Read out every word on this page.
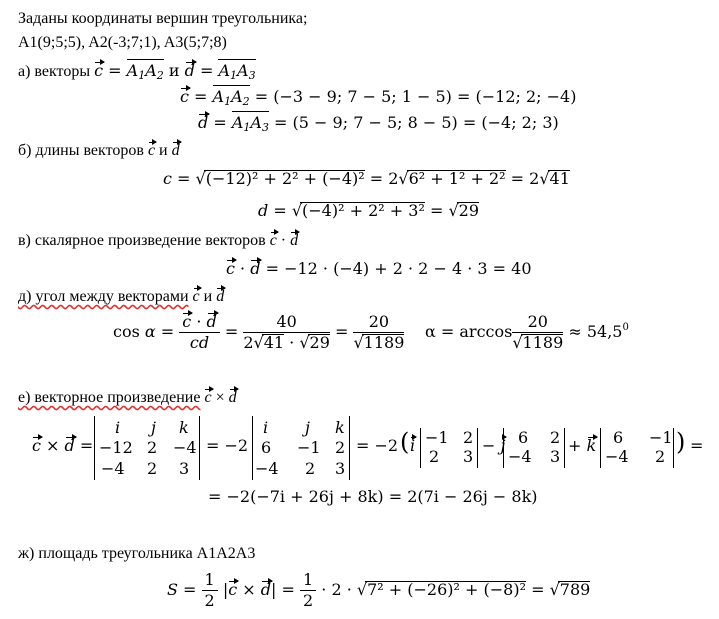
Заданы координаты вершин треугольника;
A1(9;5;5), A2(-3;7;1), A3(5;7;8)
а) векторы $c = A_1A_2$ и $d = A_1A_3$
$c = A_1A_2 = (-3 - 9$; 7 − 5; 1 − 5) = (−12; 2; −4)
$d = A_1A_3 = (5 - 9$; 7 − 5; 8 − 5) = (−4; 2; 3)
б) длины векторов c и d
c = √(−12)² + 2² + (−4)² = 2√6² + 1² + 2² = 2√41
d = √(−4)² + 2² + 3² = √29
в) скалярное произведение векторов c · d
c · d = −12 · (−4) + 2 · 2 − 4 · 3 = 40
д) угол между векторами c и d
$\cos \alpha = \frac{c \cdot d}{cd} = \frac{40}{2√41 \cdot √29} = \frac{20}{√1189}$ $\alpha = \arccos \frac{20}{√1189} \approx 54,5^0$
е) векторное произведение c × d
c × d =
i j k
−12 2 −4
−4 2 3
= −2
i j k
6 −1 2
−4 2 3
= −2 ( i −1 2
2 3
− j 6 2
−4 3
+ k 6 −1
−4 2
) =
= −2(−7i + 26j + 8k) = 2(7i − 26j − 8k)
ж) площадь треугольника A1A2A3
$S = \frac{1}{2} |c \times d| = \frac{1}{2} \cdot 2 \cdot √7^2 + (-26)^2 + (-8)^2 = √789$
